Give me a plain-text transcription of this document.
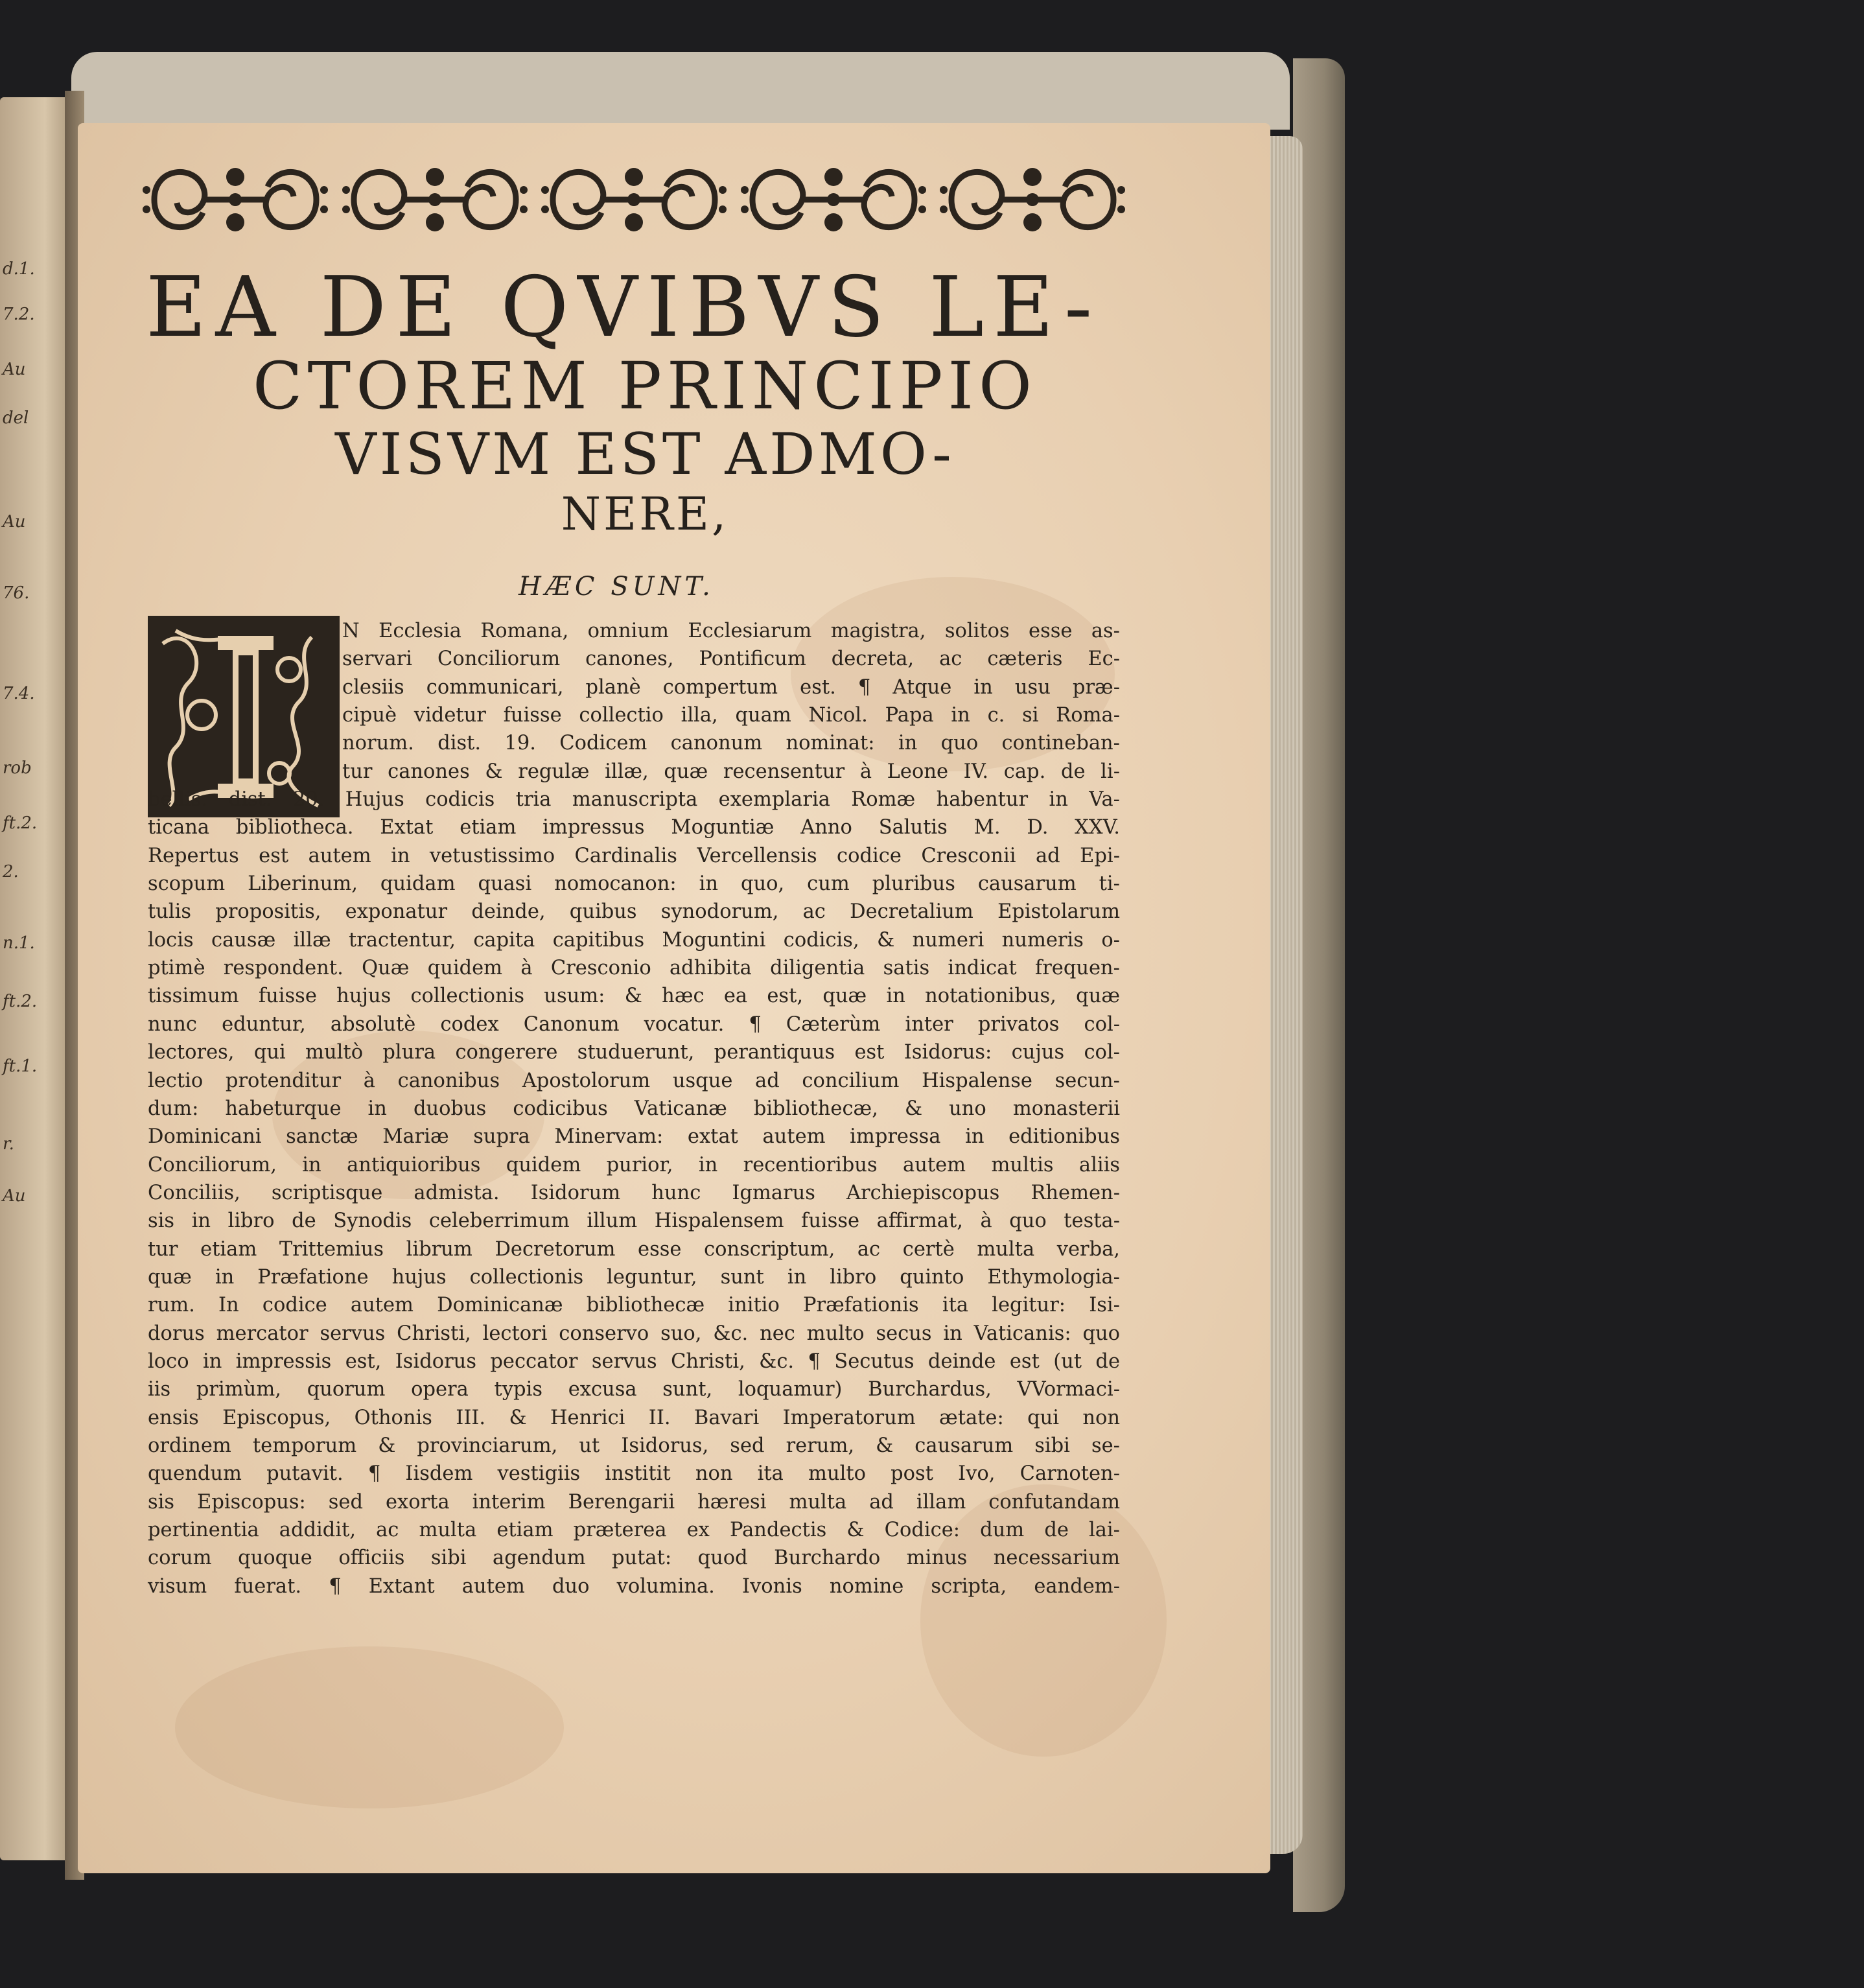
d.1.
7.2.
Au
del
Au
76.
7.4.
rob
ft.2.
2.
n.1.
ft.2.
ft.1.
r.
Au
EA DE QVIBVS LE-
CTOREM PRINCIPIO
VISVM EST ADMO-
NERE,
HÆC SUNT.
N Ecclesia Romana, omnium Ecclesiarum magistra, solitos esse as-
servari Conciliorum canones, Pontificum decreta, ac cæteris Ec-
clesiis communicari, planè compertum est. ¶ Atque in usu præ-
cipuè videtur fuisse collectio illa, quam Nicol. Papa in c. si Roma-
norum. dist. 19. Codicem canonum nominat: in quo contineban-
tur canones & regulæ illæ, quæ recensentur à Leone IV. cap. de li-
bellis. dist. 20. Hujus codicis tria manuscripta exemplaria Romæ habentur in Va-
ticana bibliotheca. Extat etiam impressus Moguntiæ Anno Salutis M. D. XXV.
Repertus est autem in vetustissimo Cardinalis Vercellensis codice Cresconii ad Epi-
scopum Liberinum, quidam quasi nomocanon: in quo, cum pluribus causarum ti-
tulis propositis, exponatur deinde, quibus synodorum, ac Decretalium Epistolarum
locis causæ illæ tractentur, capita capitibus Moguntini codicis, & numeri numeris o-
ptimè respondent. Quæ quidem à Cresconio adhibita diligentia satis indicat frequen-
tissimum fuisse hujus collectionis usum: & hæc ea est, quæ in notationibus, quæ
nunc eduntur, absolutè codex Canonum vocatur. ¶ Cæterùm inter privatos col-
lectores, qui multò plura congerere studuerunt, perantiquus est Isidorus: cujus col-
lectio protenditur à canonibus Apostolorum usque ad concilium Hispalense secun-
dum: habeturque in duobus codicibus Vaticanæ bibliothecæ, & uno monasterii
Dominicani sanctæ Mariæ supra Minervam: extat autem impressa in editionibus
Conciliorum, in antiquioribus quidem purior, in recentioribus autem multis aliis
Conciliis, scriptisque admista. Isidorum hunc Igmarus Archiepiscopus Rhemen-
sis in libro de Synodis celeberrimum illum Hispalensem fuisse affirmat, à quo testa-
tur etiam Trittemius librum Decretorum esse conscriptum, ac certè multa verba,
quæ in Præfatione hujus collectionis leguntur, sunt in libro quinto Ethymologia-
rum. In codice autem Dominicanæ bibliothecæ initio Præfationis ita legitur: Isi-
dorus mercator servus Christi, lectori conservo suo, &c. nec multo secus in Vaticanis: quo
loco in impressis est, Isidorus peccator servus Christi, &c. ¶ Secutus deinde est (ut de
iis primùm, quorum opera typis excusa sunt, loquamur) Burchardus, VVormaci-
ensis Episcopus, Othonis III. & Henrici II. Bavari Imperatorum ætate: qui non
ordinem temporum & provinciarum, ut Isidorus, sed rerum, & causarum sibi se-
quendum putavit. ¶ Iisdem vestigiis institit non ita multo post Ivo, Carnoten-
sis Episcopus: sed exorta interim Berengarii hæresi multa ad illam confutandam
pertinentia addidit, ac multa etiam præterea ex Pandectis & Codice: dum de lai-
corum quoque officiis sibi agendum putat: quod Burchardo minus necessarium
visum fuerat. ¶ Extant autem duo volumina. Ivonis nomine scripta, eandem-
